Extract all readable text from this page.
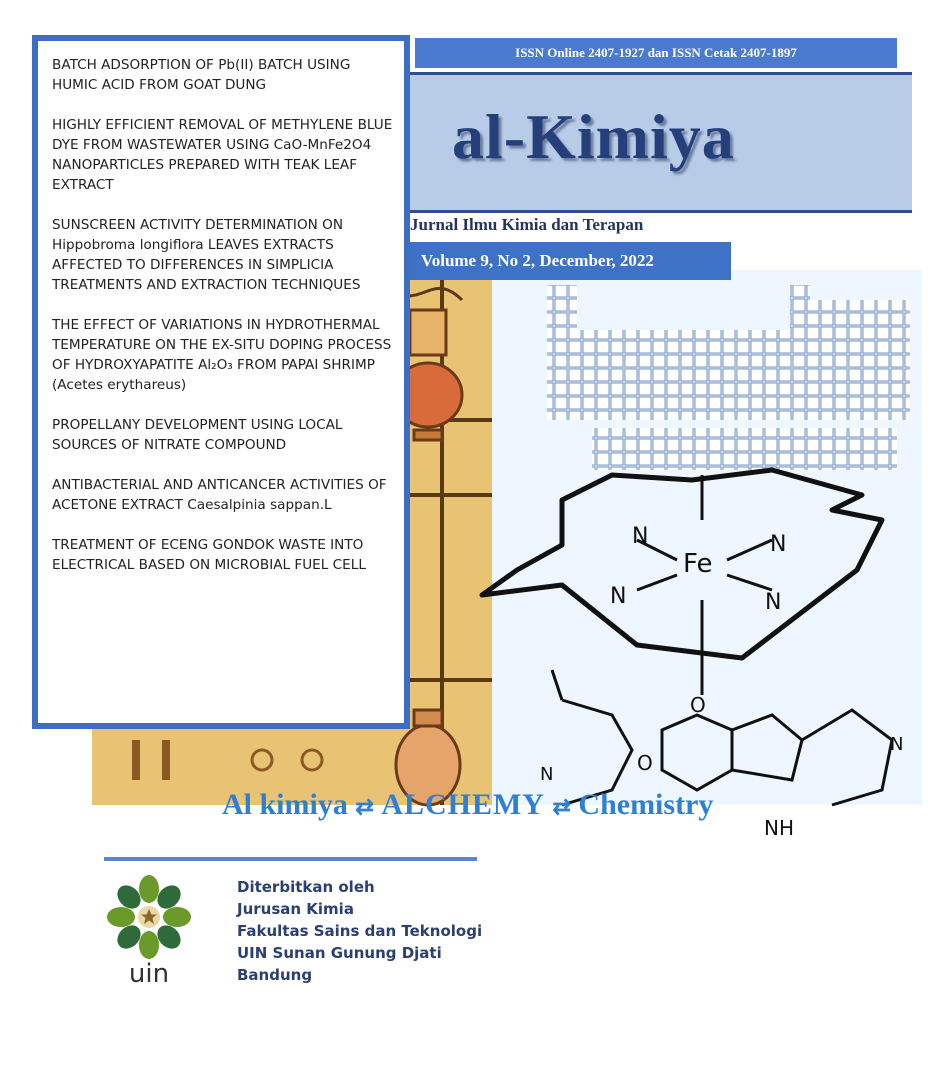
BATCH ADSORPTION OF Pb(II) BATCH USING HUMIC ACID FROM GOAT DUNG
HIGHLY EFFICIENT REMOVAL OF METHYLENE BLUE DYE FROM WASTEWATER USING CaO-MnFe2O4 NANOPARTICLES PREPARED WITH TEAK LEAF EXTRACT
SUNSCREEN ACTIVITY DETERMINATION ON Hippobroma longiflora LEAVES EXTRACTS AFFECTED TO DIFFERENCES IN SIMPLICIA TREATMENTS AND EXTRACTION TECHNIQUES
THE EFFECT OF VARIATIONS IN HYDROTHERMAL TEMPERATURE ON THE EX-SITU DOPING PROCESS OF HYDROXYAPATITE Al₂O₃ FROM PAPAI SHRIMP (Acetes erythareus)
PROPELLANY DEVELOPMENT USING LOCAL SOURCES OF NITRATE COMPOUND
ANTIBACTERIAL AND ANTICANCER ACTIVITIES OF ACETONE EXTRACT Caesalpinia sappan.L
TREATMENT OF ECENG GONDOK WASTE INTO ELECTRICAL BASED ON MICROBIAL FUEL CELL
ISSN Online 2407-1927 dan ISSN Cetak 2407-1897
al-Kimiya
Jurnal Ilmu Kimia dan Terapan
Volume 9, No 2, December, 2022
Fe
N	N
N	N
O
O
N
N
NH
Al kimiya ⇄ ALCHEMY ⇄ Chemistry
uin
Diterbitkan oleh
Jurusan Kimia
Fakultas Sains dan Teknologi
UIN Sunan Gunung Djati
Bandung
